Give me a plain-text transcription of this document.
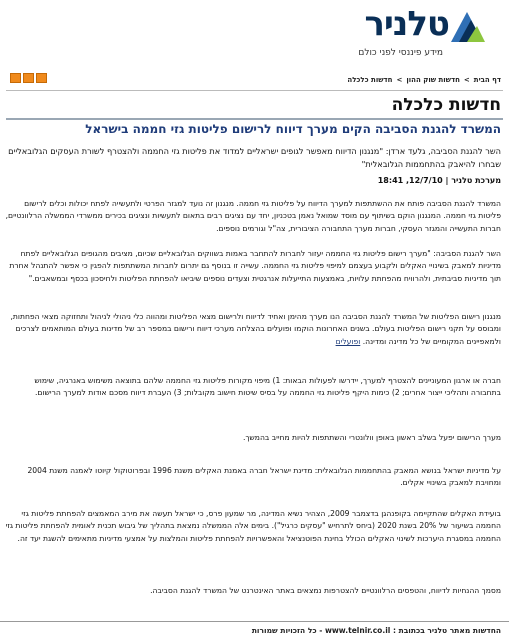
טלניר
מידע פיננסי לפני כולם
דף הבית>חדשות שוק ההון>חדשות כלכלה
חדשות כלכלה
המשרד להגנת הסביבה הקים מערך דיווח לרישום פליטות גזי חממה בישראל
השר להגנת הסביבה, גלעד ארדן: "מנגנון הדיווח מאפשר לגופים ישראליים למדוד את פליטות גזי החממה ולהצטרף לשורת העסקים הגלובאליים שבחרו להיאבק בהתחממות הגלובאלית"
מערכת טלניר | 12/7/10, 18:41
המשרד להגנת הסביבה פותח את ההשתתפות למערך הדיווח על פליטות גזי חממה. מנגנון זה נועד למגזר הפרטי ולתעשייה לפתח יכולות וכלים לרישום פליטות גזי חממה. המנגנון הוקם בשיתוף עם מוסד שמואל נאמן בטכניון, יחד עם נציגים רבים בתאום לתעשיות ונציגים בכירים ממשרדי הממשלה הרלוונטיים, חברות התעשייה והמגזר העסקי, חברות מערך התחבורה הציבורית, צה"ל וגורמים נוספים.
השר להגנת הסביבה: "מערך רישום פליטות גזי החממה יעזור לחברות להתחבר באמות בשווקים הגלובאליים שכיום, מציבים מהגופים הגלובאליים לפתח מדיניות למאבק בשינויי האקלים ולקבוע בעצמם למיפוי פליטות גזי החממה. עשייה זו בנוסף גם יתרום לחברות המשתתפות להפגין כי אפשר להתנהל אחרת תוך מדיניות סביבתית, ולהרוויח מהפחתת עלויות, באמצעות התייעלות אנרגטית וצעדים נוספים שיביאו להפחתת הפליטות ולחיסכון בכסף ובמשאבים."
מנגנון רישום הפליטות של המשרד להגנת הסביבה הנו מערך מהימן ואחיד לדיווח ולרישום מצאי הפליטות ומהווה כלי ניהולי לניהול ותחזוקה מצאי הפחתות, ומבוסס על תקני רישום הפליטות בעולם. בשנים האחרונות הוקמו ופועלים בהצלחה מערכי דיווח ורישום במספר רב של מדינות בעולם המותאמים לצרכים ולמאפיינים המקומיים של כל מדינה ומדינה. ופועלים
חברה או ארגון המעוניינים להצטרף למערך, יידרשו לפעולות הבאות: 1) מיפוי מקורות פליטות גזי החממה שלהם בתוצאה משימוש באנרגיה, שימוש בתחבורה ותהליכי ייצור אחרים; 2) כימות היקף פליטות גזי החממה על בסיס שיטות חישוב מקובלות; 3) העברת דיווח מסכם אודות למערך הרישום.
מערך הרישום יפעל בשלב ראשון באופן וולונטרי והשתתפות להיות מחייב בהמשך.
על מדיניות ישראל בנושא המאבק בהתחממות הגלובאלית: מדינת ישראל חברה באמנת האקלים משנת 1996 ובפרוטוקול קיוטו לאמנה משנת 2004 ומחויבת למאבק בשינויי אקלים.
בועידת האקלים שהתקיימה בקופנהגן בדצמבר 2009, הצהיר נשיא המדינה, מר שמעון פרס, כי ישראל תעשה את מירב המאמצים להפחתת פליטות גזי החממה בשיעור של 20% בשנת 2020 (ביחס לתרחיש "עסקים כרגיל"). בימים אלה הממשלה נמצאת בתהליך של גיבוש תכנית לאומית להפחתת פליטות גזי החממה במסגרת היערכות לשינוי האקלים הכולל בחינת הפוטנציאל והאפשרויות להפחתת פליטות והמלצות על אמצעי מדיניות מתאימים להשגת יעד זה.
מסמך ההנחיות לדיווח, והטפסים הרלוונטיים להצטרפות נמצאים באתר האינטרנט של המשרד להגנת הסביבה.
החדשות מאתר טלניר בכתובת : www.telnir.co.il - כל הזכויות שמורות
